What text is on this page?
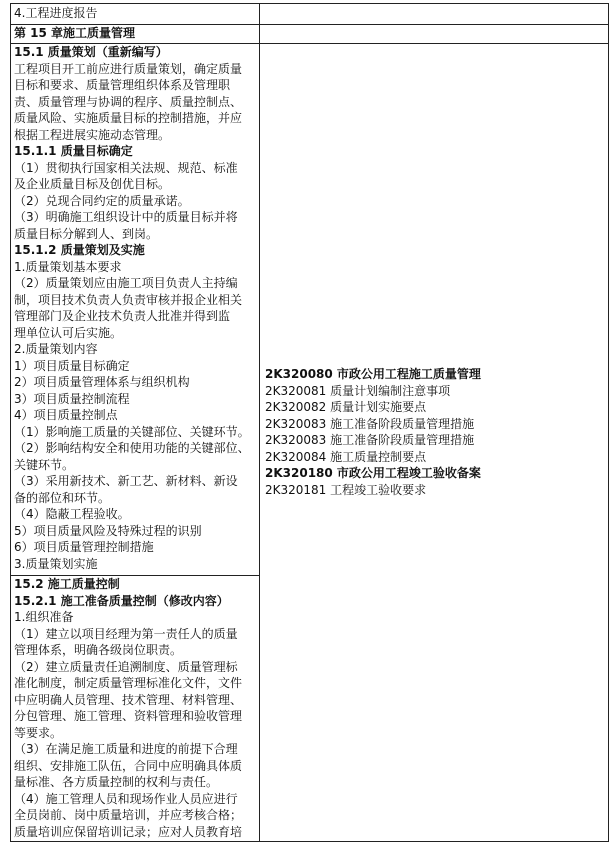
4.工程进度报告
第 15 章施工质量管理
15.1 质量策划（重新编写）
工程项目开工前应进行质量策划，确定质量
目标和要求、质量管理组织体系及管理职
责、质量管理与协调的程序、质量控制点、
质量风险、实施质量目标的控制措施，并应
根据工程进展实施动态管理。
15.1.1 质量目标确定
（1）贯彻执行国家相关法规、规范、标准
及企业质量目标及创优目标。
（2）兑现合同约定的质量承诺。
（3）明确施工组织设计中的质量目标并将
质量目标分解到人、到岗。
15.1.2 质量策划及实施
1.质量策划基本要求
（2）质量策划应由施工项目负责人主持编
制，项目技术负责人负责审核并报企业相关
管理部门及企业技术负责人批准并得到监
理单位认可后实施。
2.质量策划内容
1）项目质量目标确定
2）项目质量管理体系与组织机构
3）项目质量控制流程
4）项目质量控制点
（1）影响施工质量的关键部位、关键环节。
（2）影响结构安全和使用功能的关键部位、
关键环节。
（3）采用新技术、新工艺、新材料、新设
备的部位和环节。
（4）隐蔽工程验收。
5）项目质量风险及特殊过程的识别
6）项目质量管理控制措施
3.质量策划实施
15.2 施工质量控制
15.2.1 施工准备质量控制（修改内容）
1.组织准备
（1）建立以项目经理为第一责任人的质量
管理体系，明确各级岗位职责。
（2）建立质量责任追溯制度、质量管理标
准化制度，制定质量管理标准化文件，文件
中应明确人员管理、技术管理、材料管理、
分包管理、施工管理、资料管理和验收管理
等要求。
（3）在满足施工质量和进度的前提下合理
组织、安排施工队伍，合同中应明确具体质
量标准、各方质量控制的权利与责任。
（4）施工管理人员和现场作业人员应进行
全员岗前、岗中质量培训，并应考核合格；
质量培训应保留培训记录；应对人员教育培
2K320080 市政公用工程施工质量管理
2K320081 质量计划编制注意事项
2K320082 质量计划实施要点
2K320083 施工准备阶段质量管理措施
2K320083 施工准备阶段质量管理措施
2K320084 施工质量控制要点
2K320180 市政公用工程竣工验收备案
2K320181 工程竣工验收要求
